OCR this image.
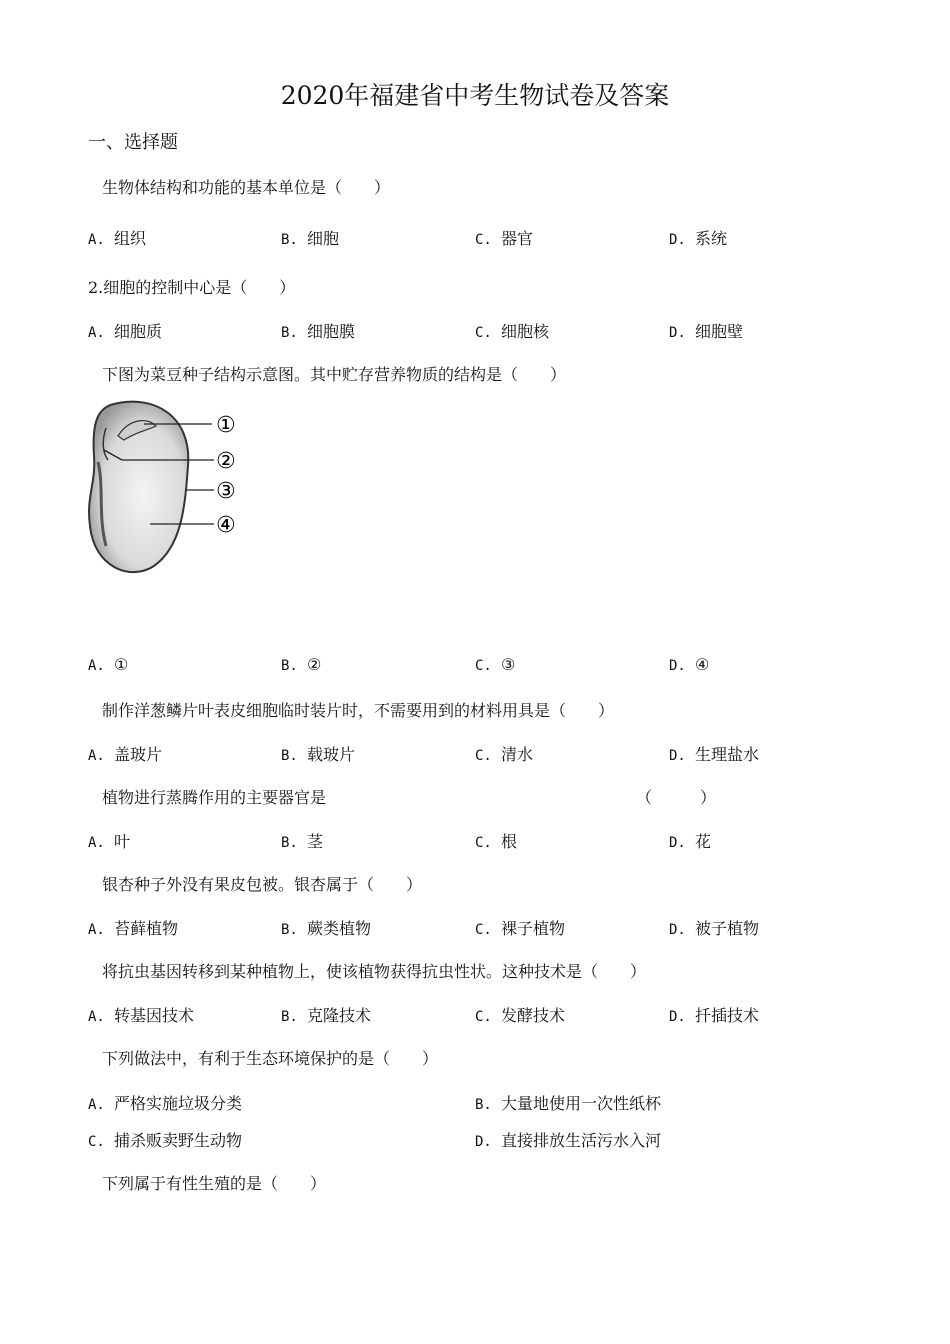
2020年福建省中考生物试卷及答案
一、选择题
生物体结构和功能的基本单位是（　　）
A. 组织	B. 细胞	C. 器官	D. 系统
2.细胞的控制中心是（　　）
A. 细胞质	B. 细胞膜	C. 细胞核	D. 细胞壁
下图为菜豆种子结构示意图。其中贮存营养物质的结构是（　　）
①
②
③
④
A. ①	B. ②	C. ③	D. ④
制作洋葱鳞片叶表皮细胞临时装片时，不需要用到的材料用具是（　　）
A. 盖玻片	B. 载玻片	C. 清水	D. 生理盐水
植物进行蒸腾作用的主要器官是	（　　　）
A. 叶	B. 茎	C. 根	D. 花
银杏种子外没有果皮包被。银杏属于（　　）
A. 苔藓植物	B. 蕨类植物	C. 裸子植物	D. 被子植物
将抗虫基因转移到某种植物上，使该植物获得抗虫性状。这种技术是（　　）
A. 转基因技术	B. 克隆技术	C. 发酵技术	D. 扦插技术
下列做法中，有利于生态环境保护的是（　　）
A. 严格实施垃圾分类	B. 大量地使用一次性纸杯
C. 捕杀贩卖野生动物	D. 直接排放生活污水入河
下列属于有性生殖的是（　　）
